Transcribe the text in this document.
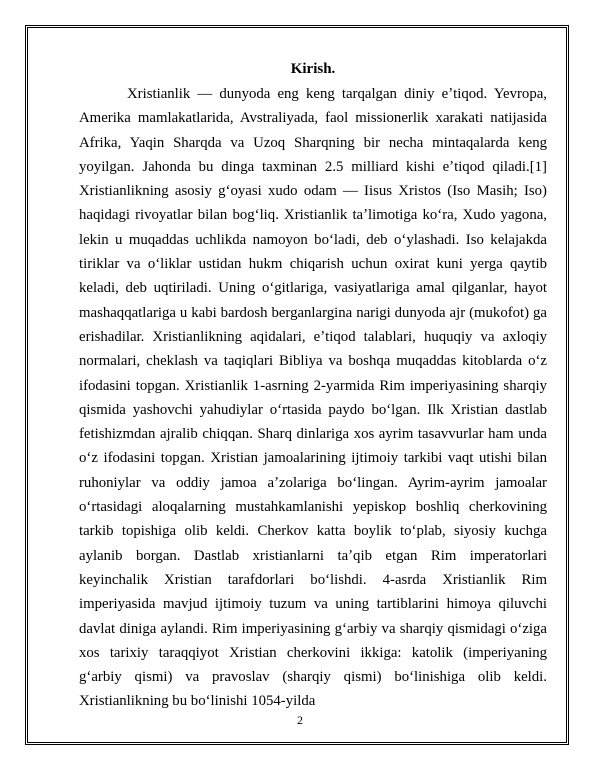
Kirish.

Xristianlik — dunyoda eng keng tarqalgan diniy eʼtiqod. Yevropa, Amerika mamlakatlarida, Avstraliyada, faol missionerlik xarakati natijasida Afrika, Yaqin Sharqda va Uzoq Sharqning bir necha mintaqalarda keng yoyilgan. Jahonda bu dinga taxminan 2.5 milliard kishi eʼtiqod qiladi.[1] Xristianlikning asosiy gʻoyasi xudo odam — Iisus Xristos (Iso Masih; Iso) haqidagi rivoyatlar bilan bogʻliq. Xristianlik taʼlimotiga koʻra, Xudo yagona, lekin u muqaddas uchlikda namoyon boʻladi, deb oʻylashadi. Iso kelajakda tiriklar va oʻliklar ustidan hukm chiqarish uchun oxirat kuni yerga qaytib keladi, deb uqtiriladi. Uning oʻgitlariga, vasiyatlariga amal qilganlar, hayot mashaqqatlariga u kabi bardosh berganlargina narigi dunyoda ajr (mukofot) ga erishadilar. Xristianlikning aqidalari, eʼtiqod talablari, huquqiy va axloqiy normalari, cheklash va taqiqlari Bibliya va boshqa muqaddas kitoblarda oʻz ifodasini topgan. Xristianlik 1-asrning 2-yarmida Rim imperiyasining sharqiy qismida yashovchi yahudiylar oʻrtasida paydo boʻlgan. Ilk Xristian dastlab fetishizmdan ajralib chiqqan. Sharq dinlariga xos ayrim tasavvurlar ham unda oʻz ifodasini topgan. Xristian jamoalarining ijtimoiy tarkibi vaqt utishi bilan ruhoniylar va oddiy jamoa aʼzolariga boʻlingan. Ayrim-ayrim jamoalar oʻrtasidagi aloqalarning mustahkamlanishi yepiskop boshliq cherkovining tarkib topishiga olib keldi. Cherkov katta boylik toʻplab, siyosiy kuchga aylanib borgan. Dastlab xristianlarni taʼqib etgan Rim imperatorlari keyinchalik Xristian tarafdorlari boʻlishdi. 4-asrda Xristianlik Rim imperiyasida mavjud ijtimoiy tuzum va uning tartiblarini himoya qiluvchi davlat diniga aylandi. Rim imperiyasining gʻarbiy va sharqiy qismidagi oʻziga xos tarixiy taraqqiyot Xristian cherkovini ikkiga: katolik (imperiyaning gʻarbiy qismi) va pravoslav (sharqiy qismi) boʻlinishiga olib keldi. Xristianlikning bu boʻlinishi 1054-yilda

2
